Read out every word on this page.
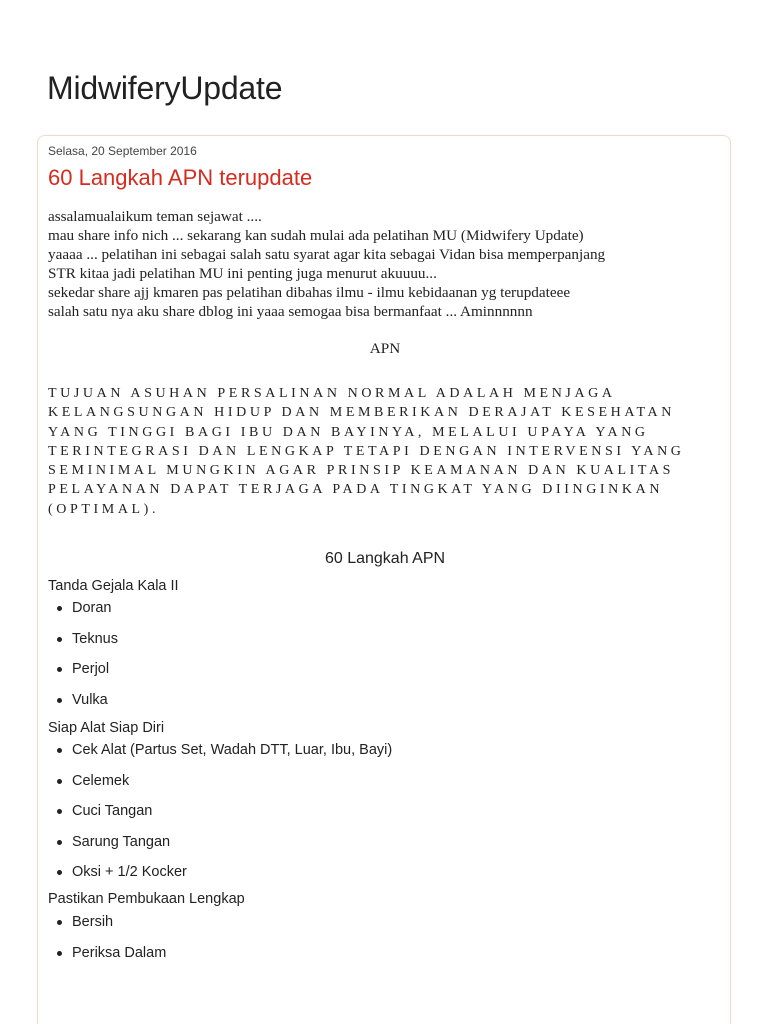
MidwiferyUpdate
Selasa, 20 September 2016
60 Langkah APN terupdate
assalamualaikum teman sejawat ....
mau share info nich ... sekarang kan sudah mulai ada pelatihan MU (Midwifery Update)
yaaaa ... pelatihan ini sebagai salah satu syarat agar kita sebagai Vidan bisa memperpanjang
STR kitaa jadi pelatihan MU ini penting juga menurut akuuuu...
sekedar share ajj kmaren pas pelatihan dibahas ilmu - ilmu kebidaanan yg terupdateee
salah satu nya aku share dblog ini yaaa semogaa bisa bermanfaat ... Aminnnnnn
APN
TUJUAN ASUHAN PERSALINAN NORMAL ADALAH MENJAGA
KELANGSUNGAN HIDUP DAN MEMBERIKAN DERAJAT KESEHATAN
YANG TINGGI BAGI IBU DAN BAYINYA, MELALUI UPAYA YANG
TERINTEGRASI DAN LENGKAP TETAPI DENGAN INTERVENSI YANG
SEMINIMAL MUNGKIN AGAR PRINSIP KEAMANAN DAN KUALITAS
PELAYANAN DAPAT TERJAGA PADA TINGKAT YANG DIINGINKAN
(OPTIMAL).
60 Langkah APN
Tanda Gejala Kala II
Doran
Teknus
Perjol
Vulka
Siap Alat Siap Diri
Cek Alat (Partus Set, Wadah DTT, Luar, Ibu, Bayi)
Celemek
Cuci Tangan
Sarung Tangan
Oksi + 1/2 Kocker
Pastikan Pembukaan Lengkap
Bersih
Periksa Dalam
